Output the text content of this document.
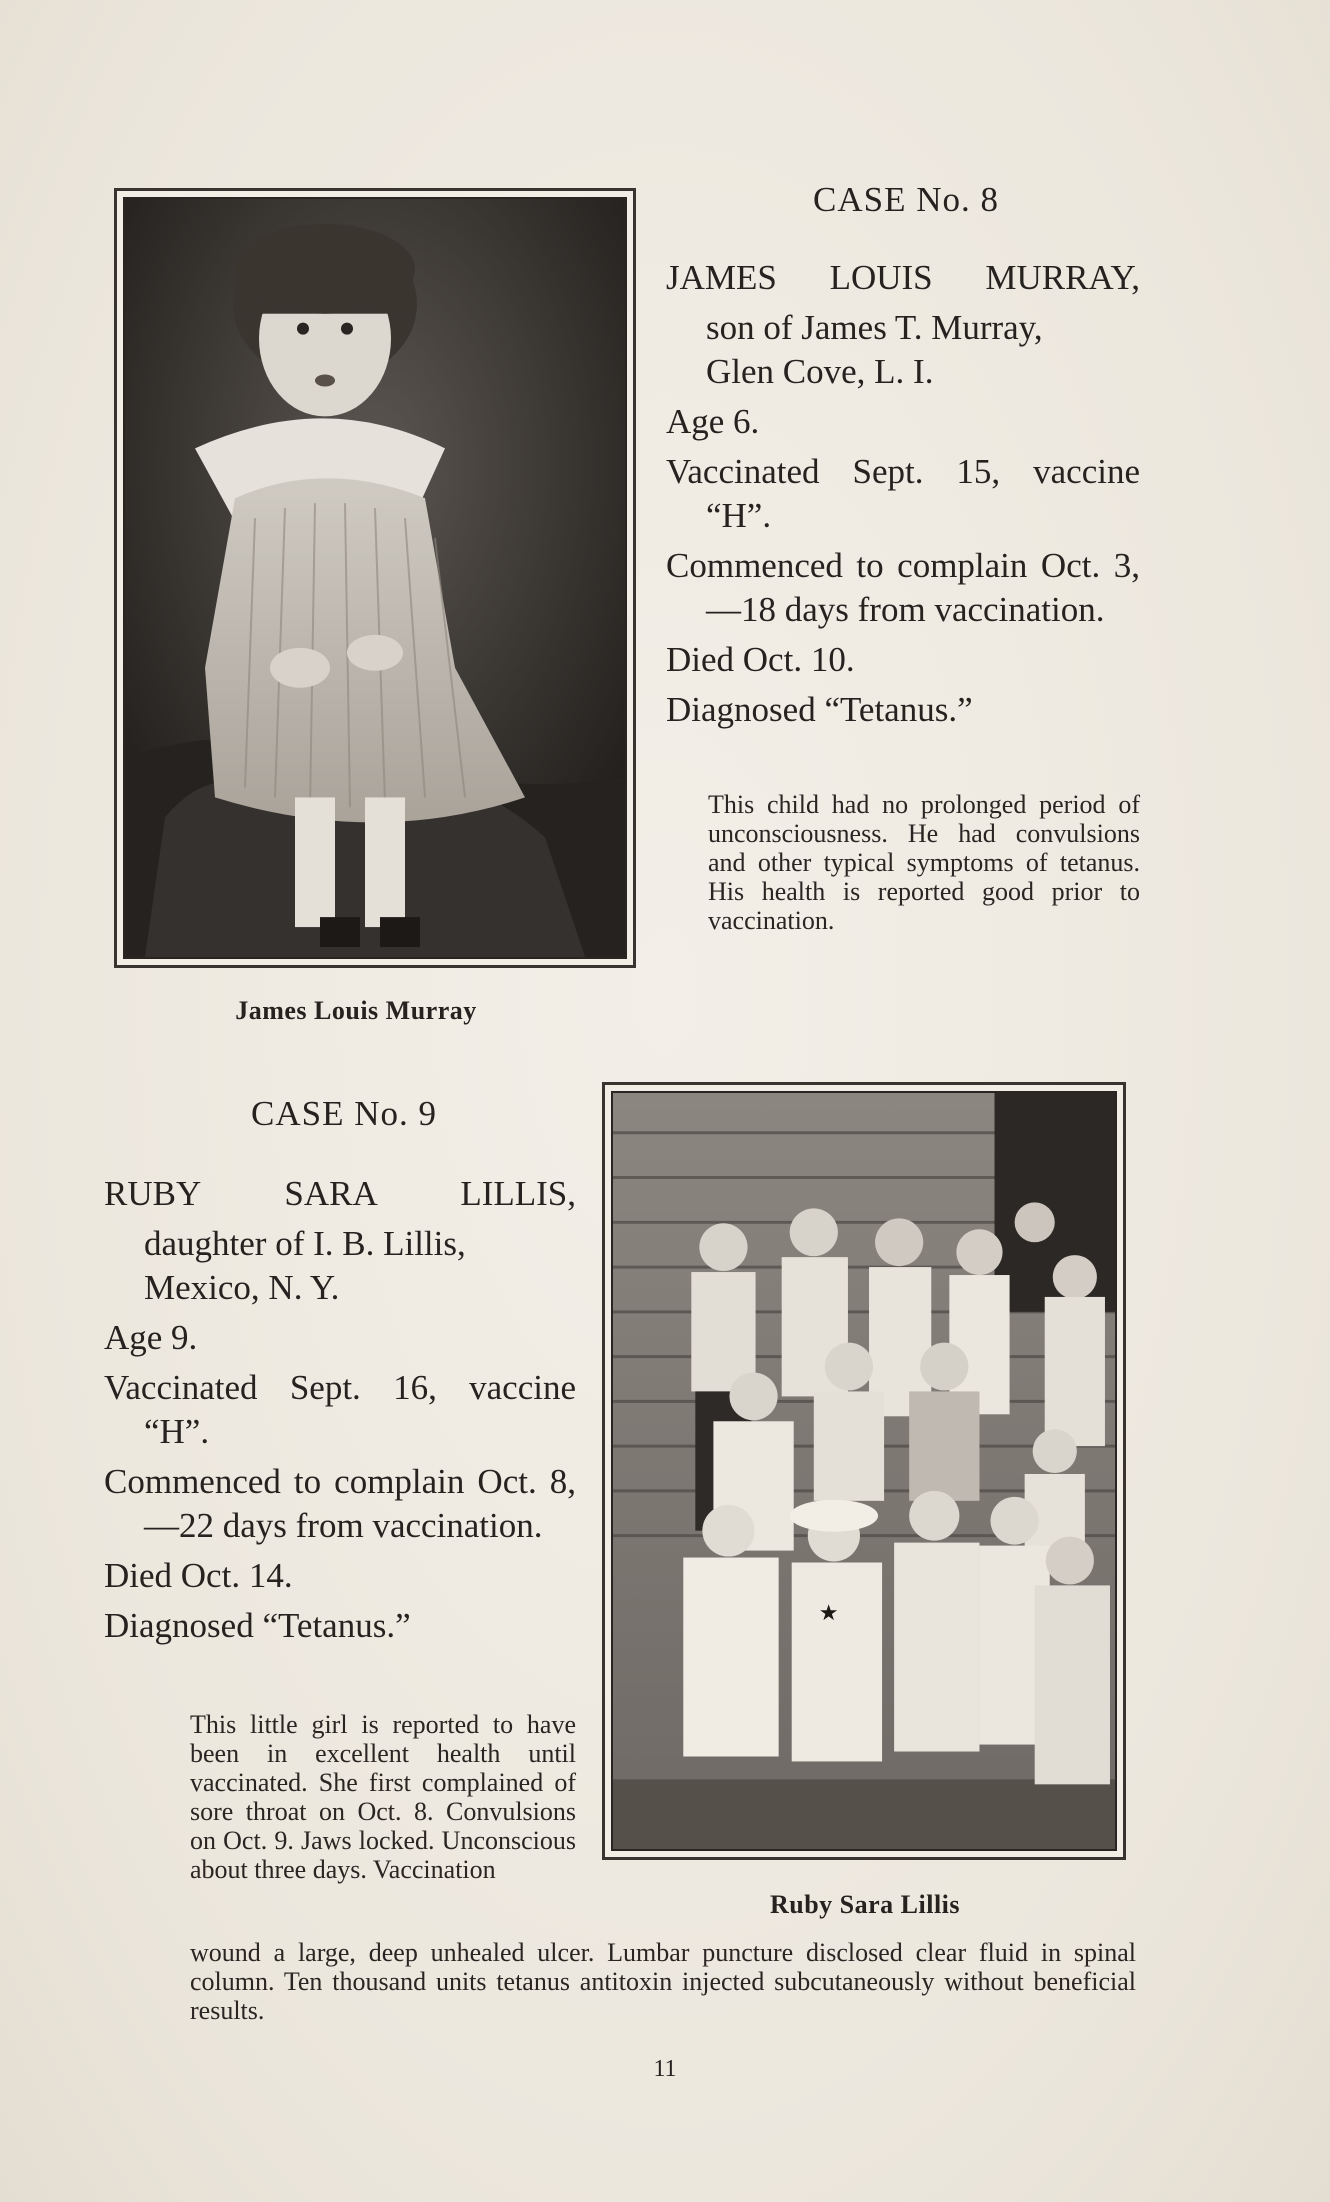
James Louis Murray
CASE No. 8

JAMES LOUIS MURRAY,

son of James T. Murray,

Glen Cove, L. I.

Age 6.

Vaccinated Sept. 15, vaccine “H”.

Commenced to complain Oct. 3,—18 days from vaccination.

Died Oct. 10.

Diagnosed “Tetanus.”

This child had no prolonged period of unconsciousness. He had convulsions and other typical symptoms of tetanus. His health is reported good prior to vaccination.
CASE No. 9

RUBY SARA LILLIS,

daughter of I. B. Lillis,

Mexico, N. Y.

Age 9.

Vaccinated Sept. 16, vaccine “H”.

Commenced to complain Oct. 8,—22 days from vaccination.

Died Oct. 14.

Diagnosed “Tetanus.”

This little girl is reported to have been in excellent health until vaccinated. She first complained of sore throat on Oct. 8. Convulsions on Oct. 9. Jaws locked. Unconscious about three days. Vaccination
wound a large, deep unhealed ulcer. Lumbar puncture disclosed clear fluid in spinal column. Ten thousand units tetanus antitoxin injected subcutaneously without beneficial results.
★
Ruby Sara Lillis
11
